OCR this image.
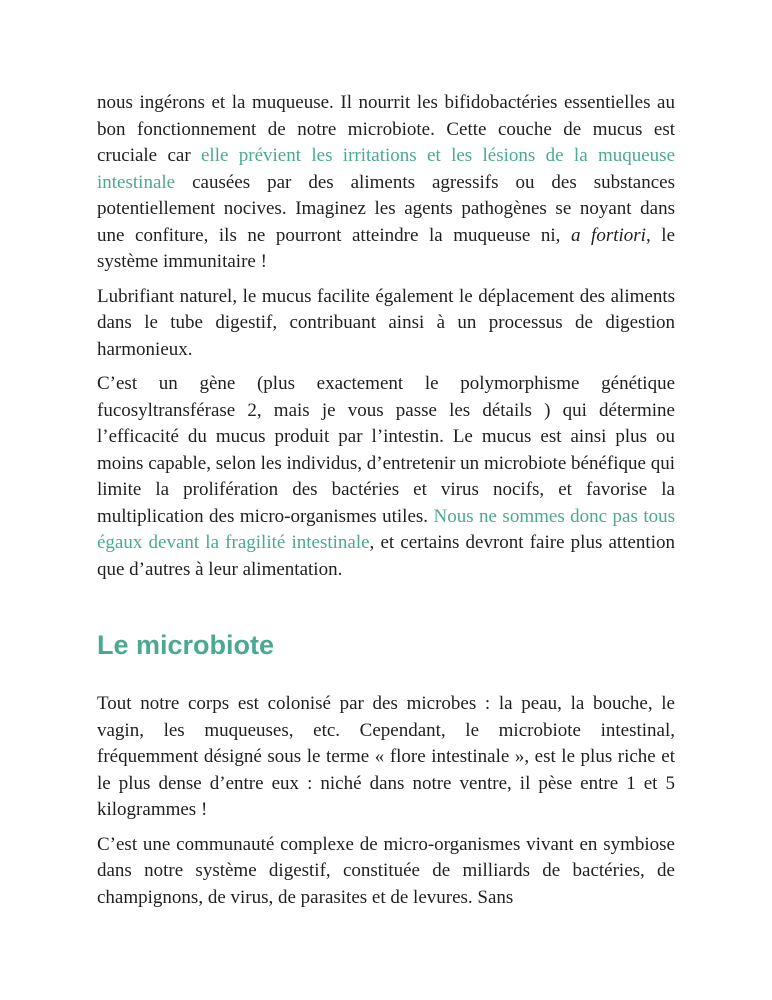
nous ingérons et la muqueuse. Il nourrit les bifidobactéries essentielles au bon fonctionnement de notre microbiote. Cette couche de mucus est cruciale car elle prévient les irritations et les lésions de la muqueuse intestinale causées par des aliments agressifs ou des substances potentiellement nocives. Imaginez les agents pathogènes se noyant dans une confiture, ils ne pourront atteindre la muqueuse ni, a fortiori, le système immunitaire !

Lubrifiant naturel, le mucus facilite également le déplacement des aliments dans le tube digestif, contribuant ainsi à un processus de digestion harmonieux.

C’est un gène (plus exactement le polymorphisme génétique fucosyltransférase 2, mais je vous passe les détails ) qui détermine l’efficacité du mucus produit par l’intestin. Le mucus est ainsi plus ou moins capable, selon les individus, d’entretenir un microbiote bénéfique qui limite la prolifération des bactéries et virus nocifs, et favorise la multiplication des micro-organismes utiles. Nous ne sommes donc pas tous égaux devant la fragilité intestinale, et certains devront faire plus attention que d’autres à leur alimentation.

Le microbiote

Tout notre corps est colonisé par des microbes : la peau, la bouche, le vagin, les muqueuses, etc. Cependant, le microbiote intestinal, fréquemment désigné sous le terme « flore intestinale », est le plus riche et le plus dense d’entre eux : niché dans notre ventre, il pèse entre 1 et 5 kilogrammes !

C’est une communauté complexe de micro-organismes vivant en symbiose dans notre système digestif, constituée de milliards de bactéries, de champignons, de virus, de parasites et de levures. Sans
